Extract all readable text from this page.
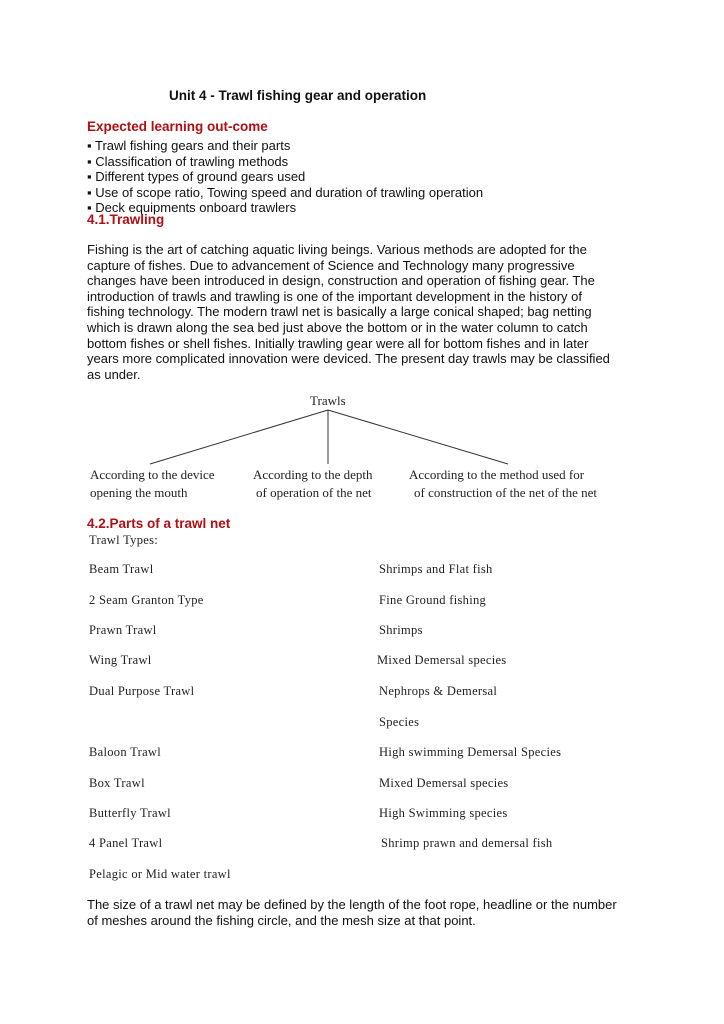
Unit 4 - Trawl fishing gear and operation
Expected learning out-come
▪ Trawl fishing gears and their parts
▪ Classification of trawling methods
▪ Different types of ground gears used
▪ Use of scope ratio, Towing speed and duration of trawling operation
▪ Deck equipments onboard trawlers
4.1.Trawling

Fishing is the art of catching aquatic living beings. Various methods are adopted for the

capture of fishes. Due to advancement of Science and Technology many progressive

changes have been introduced in design, construction and operation of fishing gear. The

introduction of trawls and trawling is one of the important development in the history of

fishing technology. The modern trawl net is basically a large conical shaped; bag netting

which is drawn along the sea bed just above the bottom or in the water column to catch

bottom fishes or shell fishes. Initially trawling gear were all for bottom fishes and in later

years more complicated innovation were deviced. The present day trawls may be classified

as under.

Trawls
According to the device
opening the mouth
According to the depth
of operation of the net
According to the method used for
of construction of the net of the net
4.2.Parts of a trawl net
Trawl Types:
Beam Trawl	Shrimps and Flat fish
2 Seam Granton Type	Fine Ground fishing
Prawn Trawl	Shrimps
Wing Trawl	Mixed Demersal species
Dual Purpose Trawl	Nephrops & Demersal
Species
Baloon Trawl	High swimming Demersal Species
Box Trawl	Mixed Demersal species
Butterfly Trawl	High Swimming species
4 Panel Trawl	Shrimp prawn and demersal fish
Pelagic or Mid water trawl

The size of a trawl net may be defined by the length of the foot rope, headline or the number

of meshes around the fishing circle, and the mesh size at that point.
